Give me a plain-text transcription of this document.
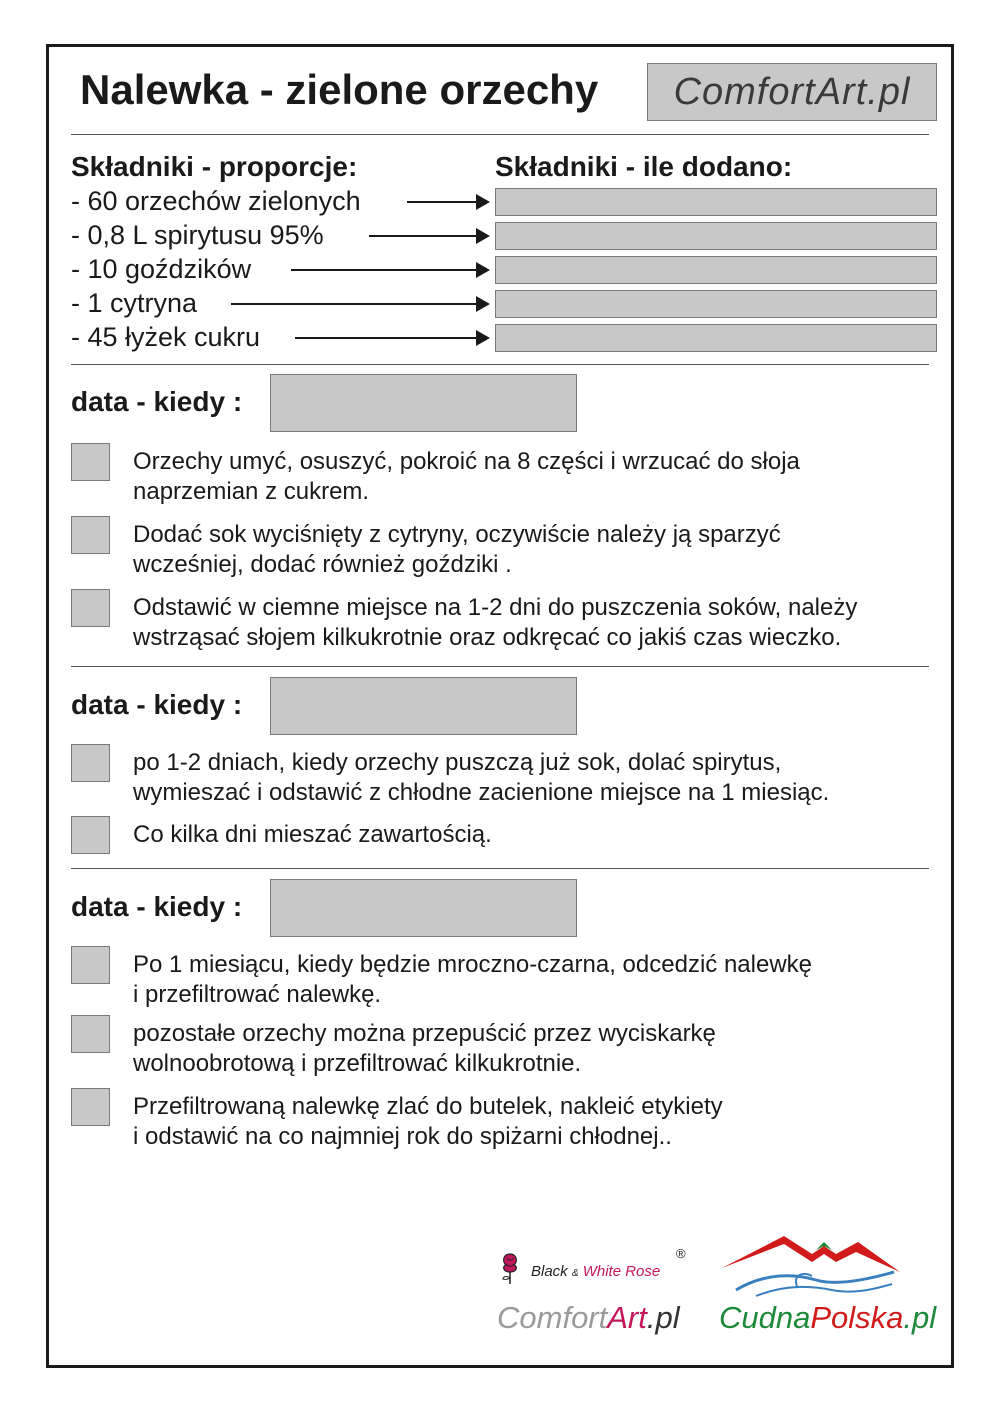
Nalewka - zielone orzechy	ComfortArt.pl
Składniki - proporcje:	Składniki - ile dodano:
- 60 orzechów zielonych
- 0,8 L spirytusu 95%
- 10 goździków
- 1 cytryna
- 45 łyżek cukru
data - kiedy :
Orzechy umyć, osuszyć, pokroić na 8 części i wrzucać do słoja
naprzemian z cukrem.
Dodać sok wyciśnięty z cytryny, oczywiście należy ją sparzyć
wcześniej, dodać również goździki .
Odstawić w ciemne miejsce na 1-2 dni do puszczenia soków, należy
wstrząsać słojem kilkukrotnie oraz odkręcać co jakiś czas wieczko.
data - kiedy :
po 1-2 dniach, kiedy orzechy puszczą już sok, dolać spirytus,
wymieszać i odstawić z chłodne zacienione miejsce na 1 miesiąc.
Co kilka dni mieszać zawartością.
data - kiedy :
Po 1 miesiącu, kiedy będzie mroczno-czarna, odcedzić nalewkę
i przefiltrować nalewkę.
pozostałe orzechy można przepuścić przez wyciskarkę
wolnoobrotową i przefiltrować kilkukrotnie.
Przefiltrowaną nalewkę zlać do butelek, nakleić etykiety
i odstawić na co najmniej rok do spiżarni chłodnej..
Black & White Rose
®
ComfortArt.pl CudnaPolska.pl
